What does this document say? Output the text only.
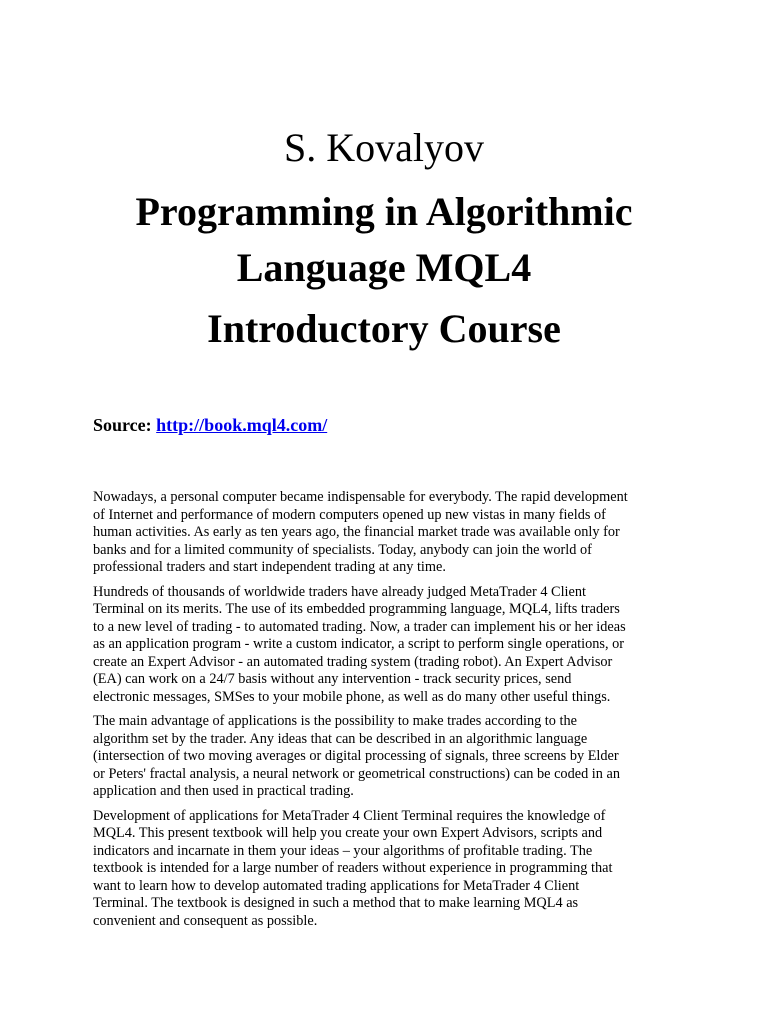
S. Kovalyov
Programming in Algorithmic
Language MQL4
Introductory Course

Source: http://book.mql4.com/

Nowadays, a personal computer became indispensable for everybody. The rapid development
of Internet and performance of modern computers opened up new vistas in many fields of
human activities. As early as ten years ago, the financial market trade was available only for
banks and for a limited community of specialists. Today, anybody can join the world of
professional traders and start independent trading at any time.

Hundreds of thousands of worldwide traders have already judged MetaTrader 4 Client
Terminal on its merits. The use of its embedded programming language, MQL4, lifts traders
to a new level of trading - to automated trading. Now, a trader can implement his or her ideas
as an application program - write a custom indicator, a script to perform single operations, or
create an Expert Advisor - an automated trading system (trading robot). An Expert Advisor
(EA) can work on a 24/7 basis without any intervention - track security prices, send
electronic messages, SMSes to your mobile phone, as well as do many other useful things.

The main advantage of applications is the possibility to make trades according to the
algorithm set by the trader. Any ideas that can be described in an algorithmic language
(intersection of two moving averages or digital processing of signals, three screens by Elder
or Peters' fractal analysis, a neural network or geometrical constructions) can be coded in an
application and then used in practical trading.

Development of applications for MetaTrader 4 Client Terminal requires the knowledge of
MQL4. This present textbook will help you create your own Expert Advisors, scripts and
indicators and incarnate in them your ideas – your algorithms of profitable trading. The
textbook is intended for a large number of readers without experience in programming that
want to learn how to develop automated trading applications for MetaTrader 4 Client
Terminal. The textbook is designed in such a method that to make learning MQL4 as
convenient and consequent as possible.
